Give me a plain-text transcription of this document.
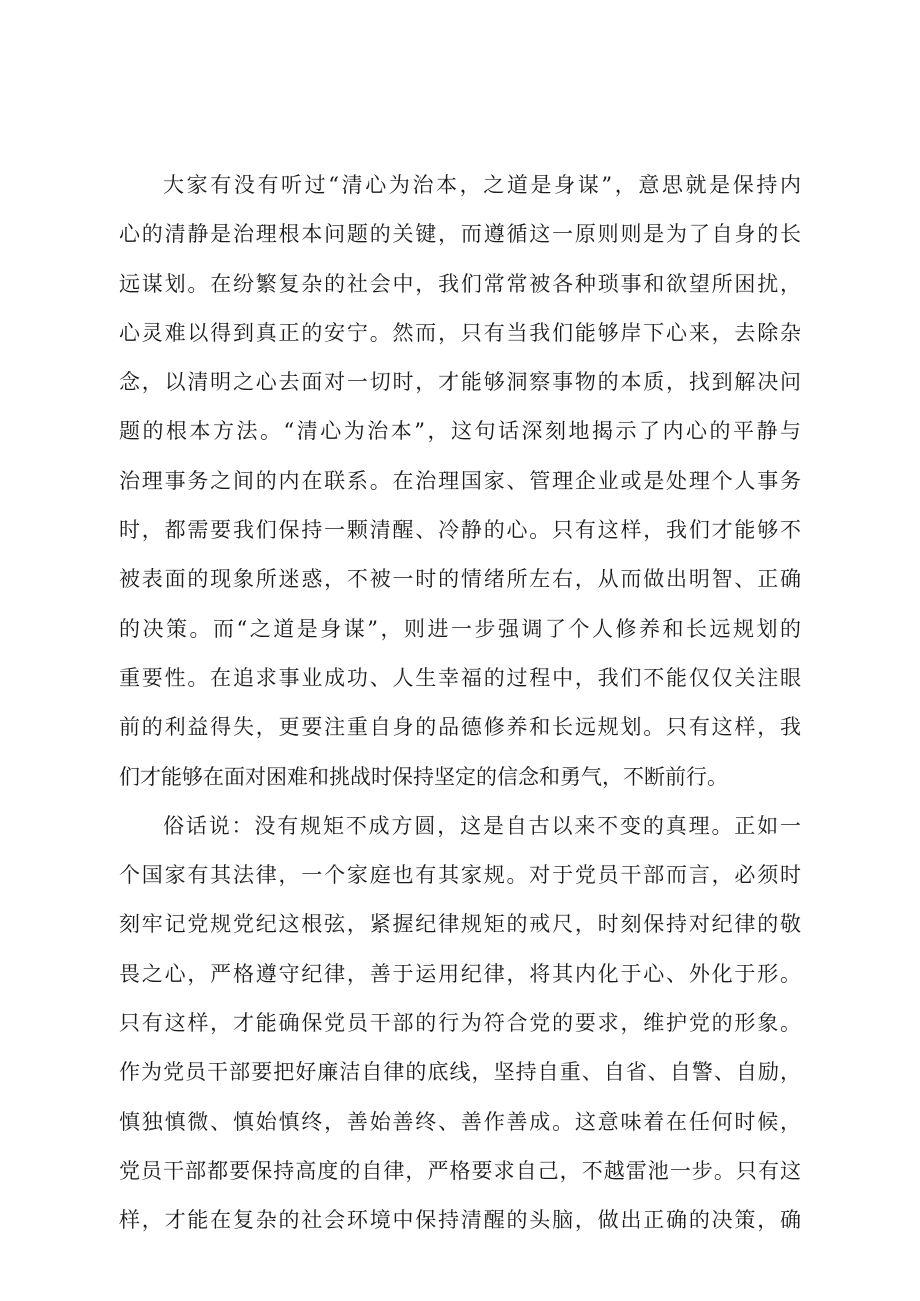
大家有没有听过“清心为治本，之道是身谋”，意思就是保持内
心的清静是治理根本问题的关键，而遵循这一原则则是为了自身的长
远谋划。在纷繁复杂的社会中，我们常常被各种琐事和欲望所困扰，
心灵难以得到真正的安宁。然而，只有当我们能够岸下心来，去除杂
念，以清明之心去面对一切时，才能够洞察事物的本质，找到解决问
题的根本方法。“清心为治本”，这句话深刻地揭示了内心的平静与
治理事务之间的内在联系。在治理国家、管理企业或是处理个人事务
时，都需要我们保持一颗清醒、冷静的心。只有这样，我们才能够不
被表面的现象所迷惑，不被一时的情绪所左右，从而做出明智、正确
的决策。而“之道是身谋”，则进一步强调了个人修养和长远规划的
重要性。在追求事业成功、人生幸福的过程中，我们不能仅仅关注眼
前的利益得失，更要注重自身的品德修养和长远规划。只有这样，我
们才能够在面对困难和挑战时保持坚定的信念和勇气，不断前行。
俗话说：没有规矩不成方圆，这是自古以来不变的真理。正如一
个国家有其法律，一个家庭也有其家规。对于党员干部而言，必须时
刻牢记党规党纪这根弦，紧握纪律规矩的戒尺，时刻保持对纪律的敬
畏之心，严格遵守纪律，善于运用纪律，将其内化于心、外化于形。
只有这样，才能确保党员干部的行为符合党的要求，维护党的形象。
作为党员干部要把好廉洁自律的底线，坚持自重、自省、自警、自励，
慎独慎微、慎始慎终，善始善终、善作善成。这意味着在任何时候，
党员干部都要保持高度的自律，严格要求自己，不越雷池一步。只有这
样，才能在复杂的社会环境中保持清醒的头脑，做出正确的决策，确
